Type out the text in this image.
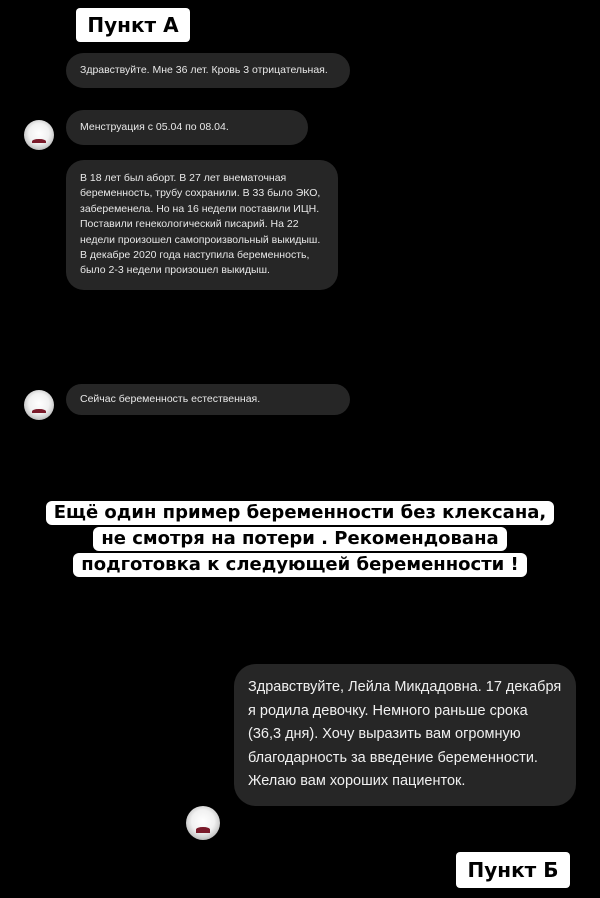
Пункт А
Здравствуйте. Мне 36 лет. Кровь 3 отрицательная.
Менструация с 05.04 по 08.04.
В 18 лет был аборт. В 27 лет внематочная беременность, трубу сохранили. В 33 было ЭКО, забеременела. Но на 16 недели поставили ИЦН. Поставили генекологический писарий. На 22 недели произошел самопроизвольный выкидыш. В декабре 2020 года наступила беременность, было 2-3 недели произошел выкидыш.
Сейчас беременность естественная.
Ещё один пример беременности без клексана,
не смотря на потери . Рекомендована
подготовка к следующей беременности !
Здравствуйте, Лейла Микдадовна. 17 декабря я родила девочку. Немного раньше срока (36,3 дня). Хочу выразить вам огромную благодарность за введение беременности. Желаю вам хороших пациенток.
Пункт Б
